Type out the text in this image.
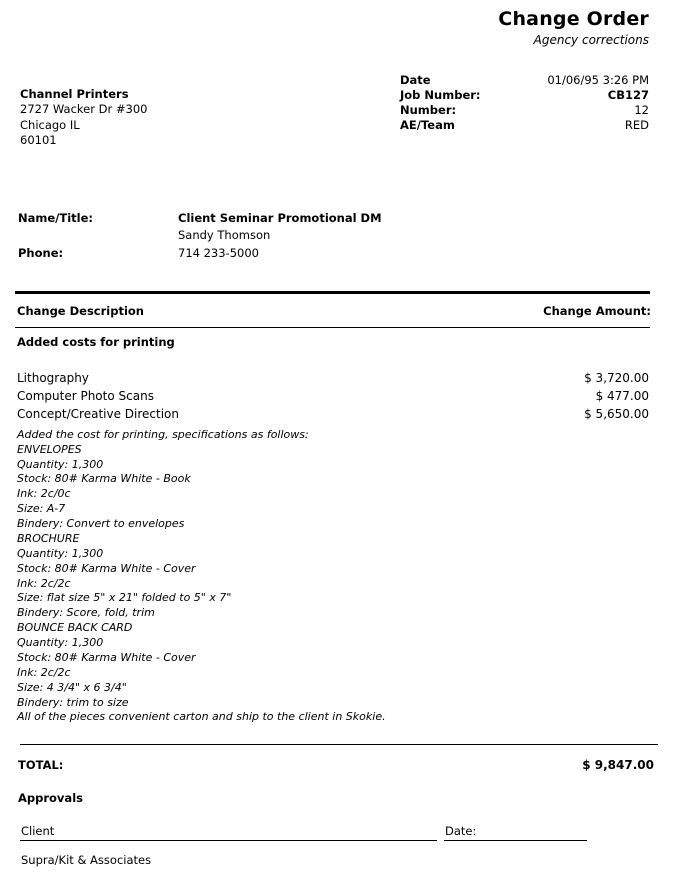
Change Order
Agency corrections
Channel Printers
2727 Wacker Dr #300
Chicago IL
60101
Date	01/06/95 3:26 PM
Job Number:	CB127
Number:	12
AE/Team	RED
Name/Title:	Client Seminar Promotional DM
Sandy Thomson
Phone:	714 233-5000
Change Description	Change Amount:
Added costs for printing
Lithography	$ 3,720.00
Computer Photo Scans	$ 477.00
Concept/Creative Direction	$ 5,650.00
Added the cost for printing, specifications as follows:
ENVELOPES
Quantity: 1,300
Stock: 80# Karma White - Book
Ink: 2c/0c
Size: A-7
Bindery: Convert to envelopes
BROCHURE
Quantity: 1,300
Stock: 80# Karma White - Cover
Ink: 2c/2c
Size: flat size 5" x 21" folded to 5" x 7"
Bindery: Score, fold, trim
BOUNCE BACK CARD
Quantity: 1,300
Stock: 80# Karma White - Cover
Ink: 2c/2c
Size: 4 3/4" x 6 3/4"
Bindery: trim to size
All of the pieces convenient carton and ship to the client in Skokie.
TOTAL:	$ 9,847.00
Approvals
Client	Date:
Supra/Kit & Associates
